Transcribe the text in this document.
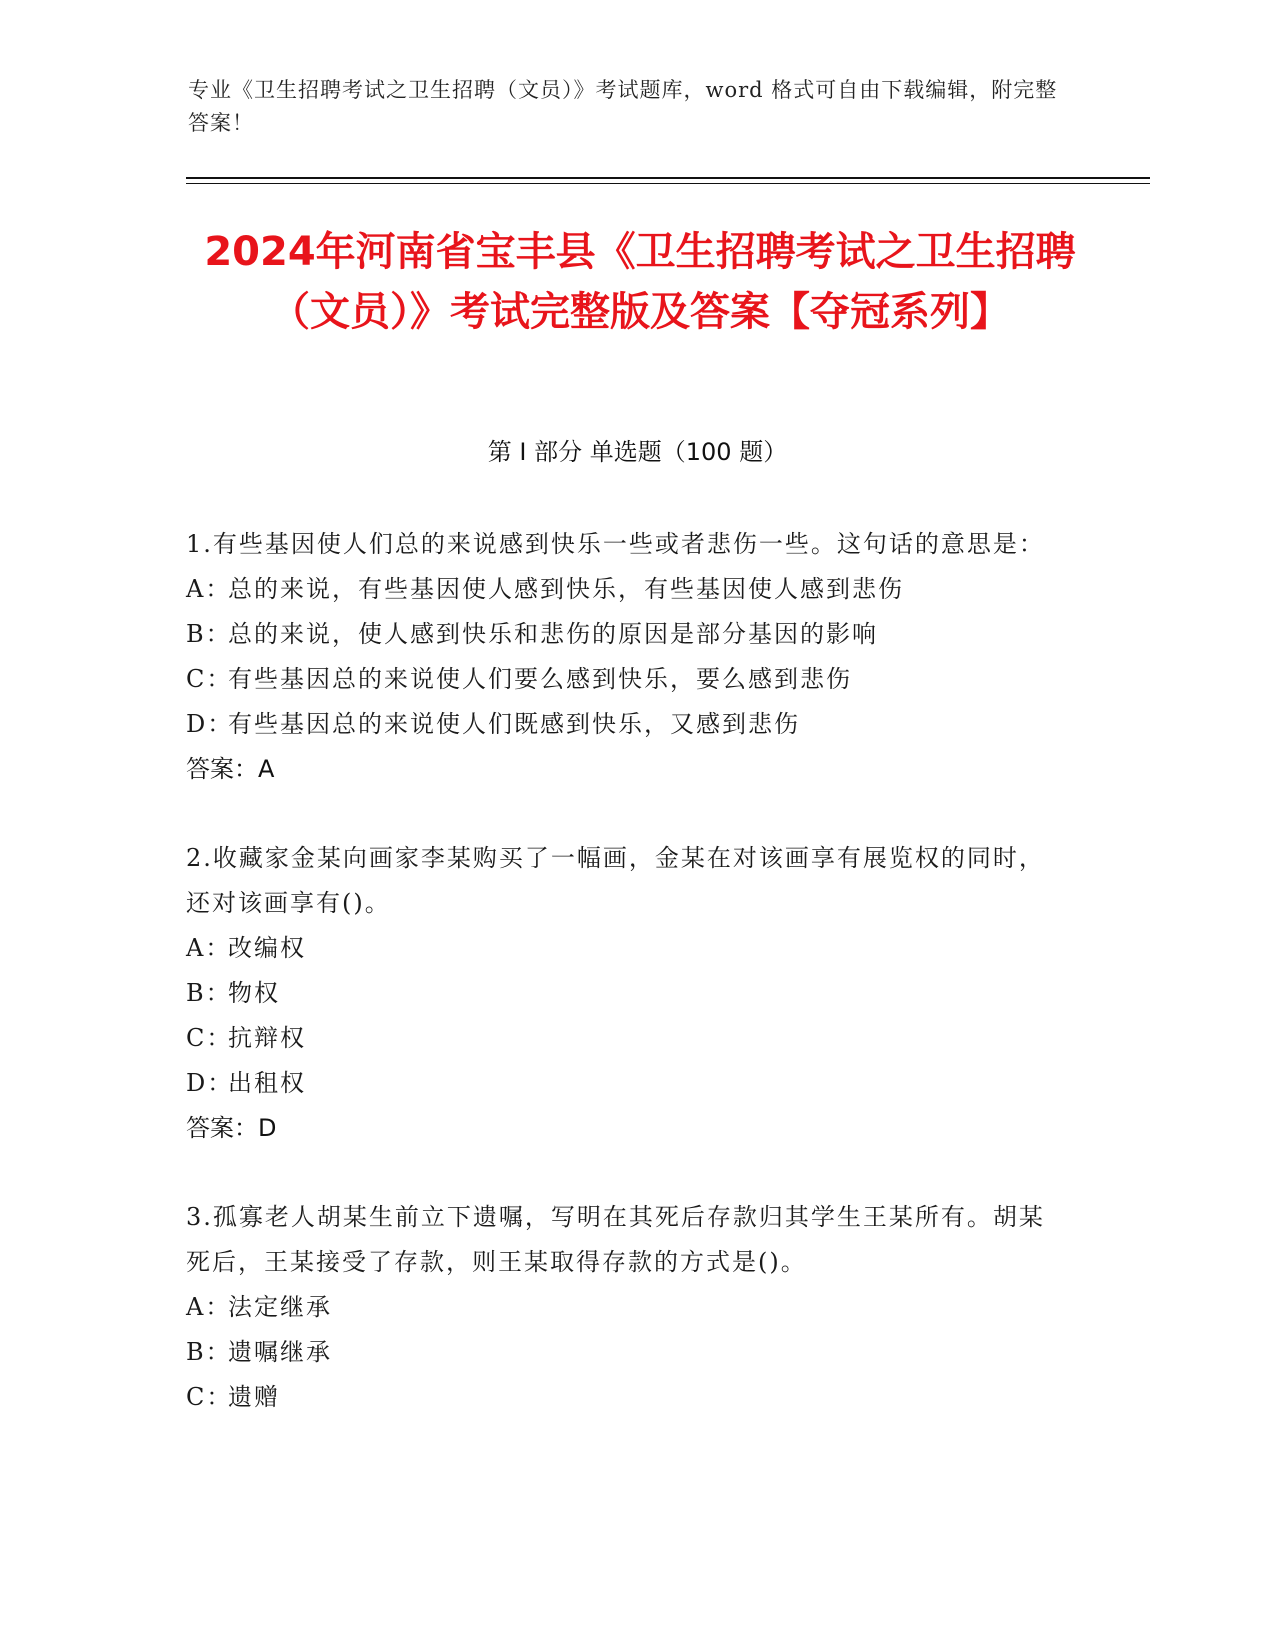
专业《卫生招聘考试之卫生招聘（文员）》考试题库，word 格式可自由下载编辑，附完整答案！
2024年河南省宝丰县《卫生招聘考试之卫生招聘（文员）》考试完整版及答案【夺冠系列】
第 I 部分 单选题（100 题）
1.有些基因使人们总的来说感到快乐一些或者悲伤一些。这句话的意思是：
A：总的来说，有些基因使人感到快乐，有些基因使人感到悲伤
B：总的来说，使人感到快乐和悲伤的原因是部分基因的影响
C：有些基因总的来说使人们要么感到快乐，要么感到悲伤
D：有些基因总的来说使人们既感到快乐，又感到悲伤
答案：A
2.收藏家金某向画家李某购买了一幅画，金某在对该画享有展览权的同时，还对该画享有()。
A：改编权
B：物权
C：抗辩权
D：出租权
答案：D
3.孤寡老人胡某生前立下遗嘱，写明在其死后存款归其学生王某所有。胡某死后，王某接受了存款，则王某取得存款的方式是()。
A：法定继承
B：遗嘱继承
C：遗赠
